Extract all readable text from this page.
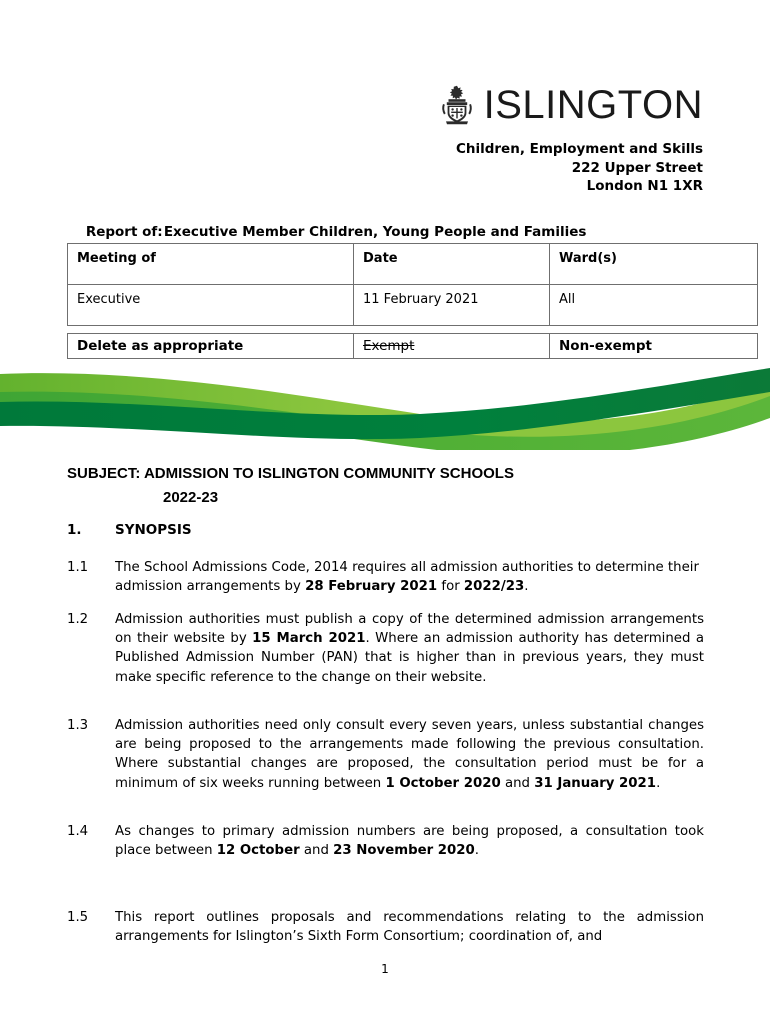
ISLINGTON
Children, Employment and Skills
222 Upper Street
London N1 1XR

Report of:Executive Member Children, Young People and Families

Meeting of	Date	Ward(s)
Executive	11 February 2021	All
Delete as appropriate	Exempt	Non-exempt
SUBJECT: ADMISSION TO ISLINGTON COMMUNITY SCHOOLS
2022-23
1. SYNOPSIS
1.1	The School Admissions Code, 2014 requires all admission authorities to determine their admission arrangements by 28 February 2021 for 2022/23.
1.2	Admission authorities must publish a copy of the determined admission arrangements on their website by 15 March 2021. Where an admission authority has determined a Published Admission Number (PAN) that is higher than in previous years, they must make specific reference to the change on their website.
1.3	Admission authorities need only consult every seven years, unless substantial changes are being proposed to the arrangements made following the previous consultation. Where substantial changes are proposed, the consultation period must be for a minimum of six weeks running between 1 October 2020 and 31 January 2021.
1.4	As changes to primary admission numbers are being proposed, a consultation took place between 12 October and 23 November 2020.
1.5	This report outlines proposals and recommendations relating to the admission arrangements for Islington’s Sixth Form Consortium; coordination of, and
1
